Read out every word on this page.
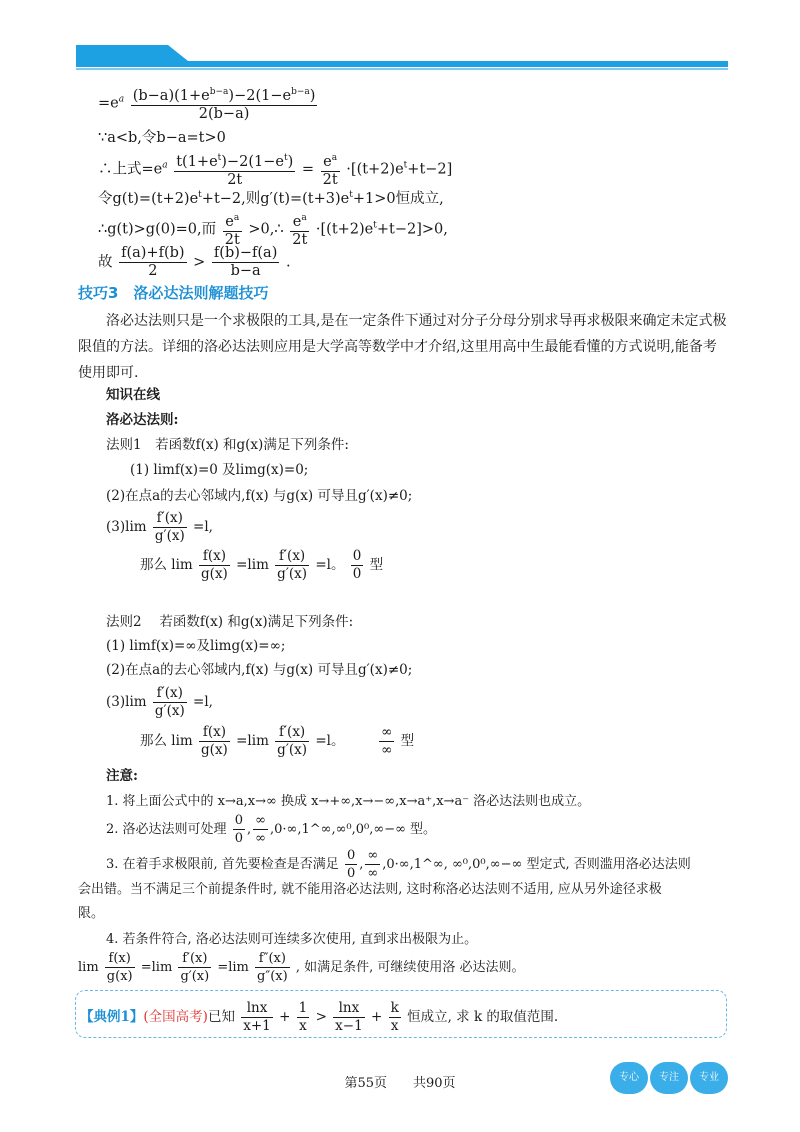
$=e^a \frac{(b-a)(1+e^{b-a})-2(1-e^{b-a})}{2(b-a)}$
∵a<b,令b−a=t>0
∴上式$=e^a \frac{t(1+e^t)-2(1-e^t)}{2t} = \frac{e^a}{2t} \cdot[(t+2)e^t+t-2]$
令$g(t)=(t+2)e^t+t-2$,则$g'(t)=(t+3)e^t+1>0$恒成立,
∴g(t)>g(0)=0,而 $\frac{e^a}{2t}$ >0,∴ $\frac{e^a}{2t} \cdot[(t+2)e^t+t-2]>0$,
故 $\frac{f(a)+f(b)}{2} > \frac{f(b)-f(a)}{b-a}$ .
技巧3　洛必达法则解题技巧
洛必达法则只是一个求极限的工具,是在一定条件下通过对分子分母分别求导再求极限来确定未定式极限值的方法。详细的洛必达法则应用是大学高等数学中才介绍,这里用高中生最能看懂的方式说明,能备考使用即可.
知识在线
洛必达法则:
法则1　若函数f(x) 和g(x)满足下列条件:
(1) limf(x)=0 及limg(x)=0;
(2)在点a的去心邻域内,f(x) 与g(x) 可导且g′(x)≠0;
$(3)\lim \frac{f'(x)}{g'(x)} =l$,
那么 $\lim \frac{f(x)}{g(x)} =\lim \frac{f'(x)}{g'(x)} =l$。 $\frac{0}{0}$ 型
法则2　 若函数f(x) 和g(x)满足下列条件:
(1) limf(x)=∞及limg(x)=∞;
(2)在点a的去心邻域内,f(x) 与g(x) 可导且g′(x)≠0;
$(3)\lim \frac{f'(x)}{g'(x)} =l$,
那么 $\lim \frac{f(x)}{g(x)} =\lim \frac{f'(x)}{g'(x)} =l$。	$\frac{\infty}{\infty}$ 型
注意:
1. 将上面公式中的 x→a,x→∞ 换成 x→+∞,x→−∞,x→a⁺,x→a⁻ 洛必达法则也成立。
2. 洛必达法则可处理 $\frac{0}{0}$ , $\frac{\infty}{\infty}$ ,0·∞,1^∞,∞⁰,0⁰,∞−∞ 型。
3. 在着手求极限前, 首先要检查是否满足 $\frac{0}{0}$ , $\frac{\infty}{\infty}$ ,0·∞,1^∞, ∞⁰,0⁰,∞−∞ 型定式, 否则滥用洛必达法则
会出错。当不满足三个前提条件时, 就不能用洛必达法则, 这时称洛必达法则不适用, 应从另外途径求极
限。
4. 若条件符合, 洛必达法则可连续多次使用, 直到求出极限为止。
$\lim \frac{f(x)}{g(x)} =\lim \frac{f'(x)}{g'(x)} =\lim \frac{f''(x)}{g''(x)}$ , 如满足条件, 可继续使用洛 必达法则。
【典例1】(全国高考)已知 $\frac{\ln x}{x+1} + \frac{1}{x} > \frac{\ln x}{x-1} + \frac{k}{x}$ 恒成立, 求 k 的取值范围.
第55页　　共90页	专心	专注	专业
